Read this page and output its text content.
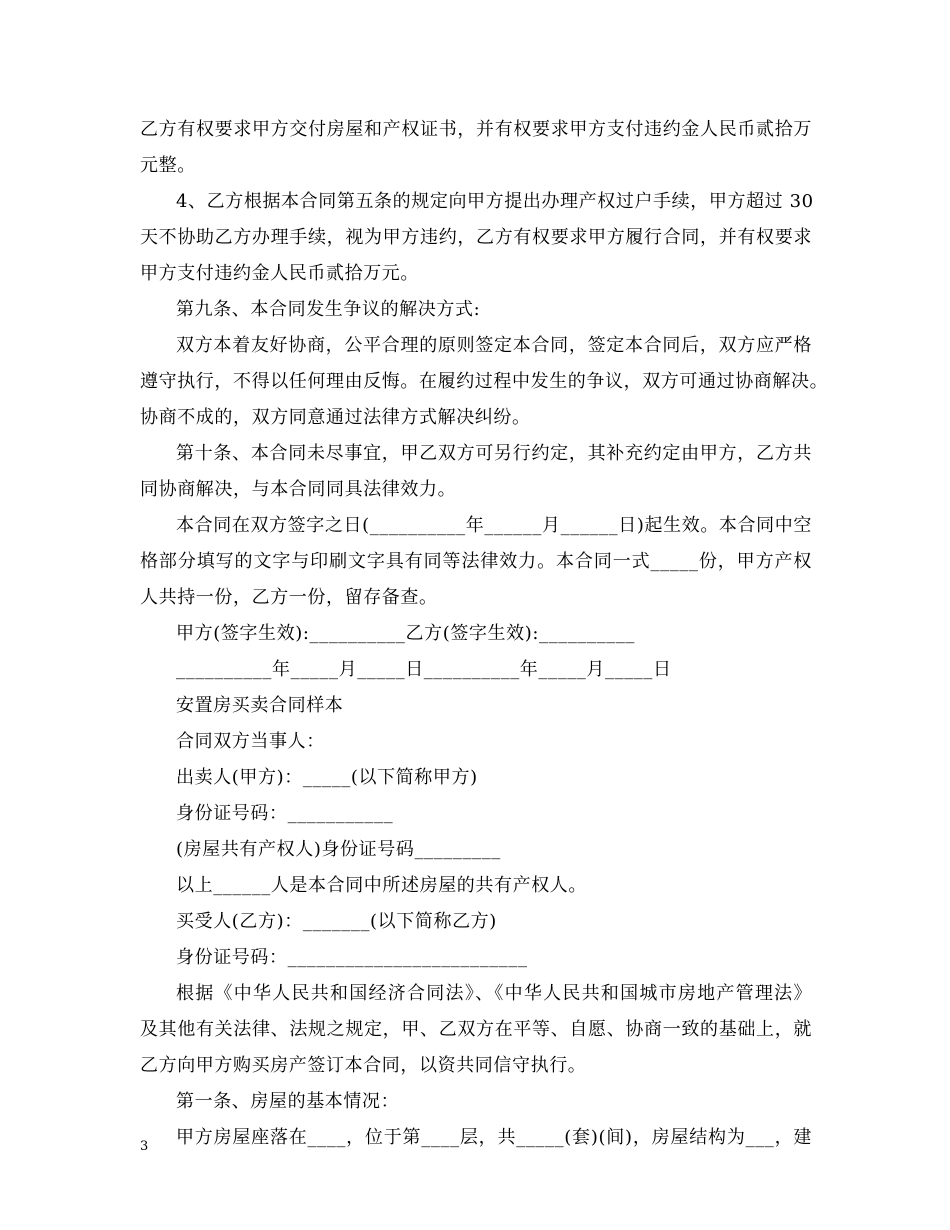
乙方有权要求甲方交付房屋和产权证书，并有权要求甲方支付违约金人民币贰拾万
元整。
4、乙方根据本合同第五条的规定向甲方提出办理产权过户手续，甲方超过 30
天不协助乙方办理手续，视为甲方违约，乙方有权要求甲方履行合同，并有权要求
甲方支付违约金人民币贰拾万元。
第九条、本合同发生争议的解决方式:
双方本着友好协商，公平合理的原则签定本合同，签定本合同后，双方应严格
遵守执行，不得以任何理由反悔。在履约过程中发生的争议，双方可通过协商解决。
协商不成的，双方同意通过法律方式解决纠纷。
第十条、本合同未尽事宜，甲乙双方可另行约定，其补充约定由甲方，乙方共
同协商解决，与本合同同具法律效力。
本合同在双方签字之日(__________年______月______日)起生效。本合同中空
格部分填写的文字与印刷文字具有同等法律效力。本合同一式_____份，甲方产权
人共持一份，乙方一份，留存备查。
甲方(签字生效):__________乙方(签字生效):__________
__________年_____月_____日__________年_____月_____日
安置房买卖合同样本
合同双方当事人：
出卖人(甲方)：_____(以下简称甲方)
身份证号码：___________
(房屋共有产权人)身份证号码_________
以上______人是本合同中所述房屋的共有产权人。
买受人(乙方)：_______(以下简称乙方)
身份证号码：_________________________
根据《中华人民共和国经济合同法》、《中华人民共和国城市房地产管理法》
及其他有关法律、法规之规定，甲、乙双方在平等、自愿、协商一致的基础上，就
乙方向甲方购买房产签订本合同，以资共同信守执行。
第一条、房屋的基本情况：
甲方房屋座落在____，位于第____层，共_____(套)(间)，房屋结构为___，建
3
